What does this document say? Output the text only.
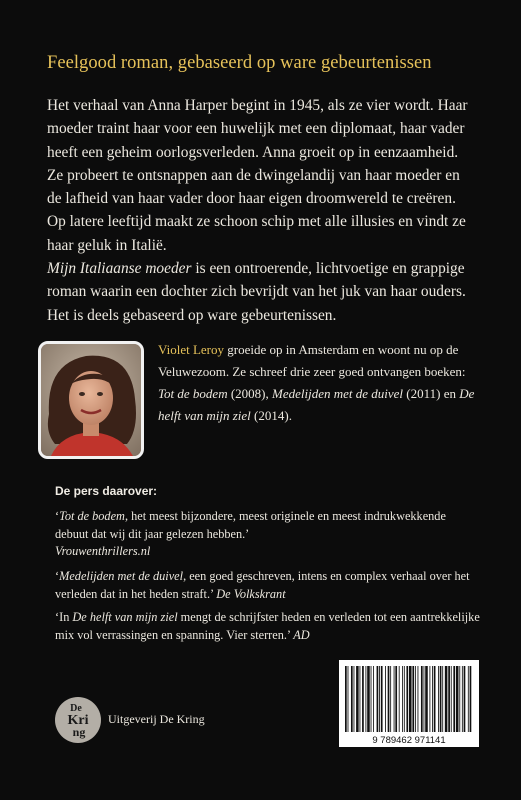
Feelgood roman, gebaseerd op ware gebeurtenissen

Het verhaal van Anna Harper begint in 1945, als ze vier wordt. Haar moeder traint haar voor een huwelijk met een diplomaat, haar vader heeft een geheim oorlogsverleden. Anna groeit op in eenzaamheid. Ze probeert te ontsnappen aan de dwingelandij van haar moeder en de lafheid van haar vader door haar eigen droomwereld te creëren. Op latere leeftijd maakt ze schoon schip met alle illusies en vindt ze haar geluk in Italië.
Mijn Italiaanse moeder is een ontroerende, lichtvoetige en grappige roman waarin een dochter zich bevrijdt van het juk van haar ouders. Het is deels gebaseerd op ware gebeurtenissen.

Violet Leroy groeide op in Amsterdam en woont nu op de Veluwezoom. Ze schreef drie zeer goed ontvangen boeken: Tot de bodem (2008), Medelijden met de duivel (2011) en De helft van mijn ziel (2014).

De pers daarover:

‘Tot de bodem, het meest bijzondere, meest originele en meest indrukwekkende debuut dat wij dit jaar gelezen hebben.’
Vrouwenthrillers.nl

‘Medelijden met de duivel, een goed geschreven, intens en complex verhaal over het verleden dat in het heden straft.’ De Volkskrant

‘In De helft van mijn ziel mengt de schrijfster heden en verleden tot een aantrekkelijke mix vol verrassingen en spanning. Vier sterren.’ AD

De
Kri
ng
Uitgeverij De Kring
9 789462 971141
